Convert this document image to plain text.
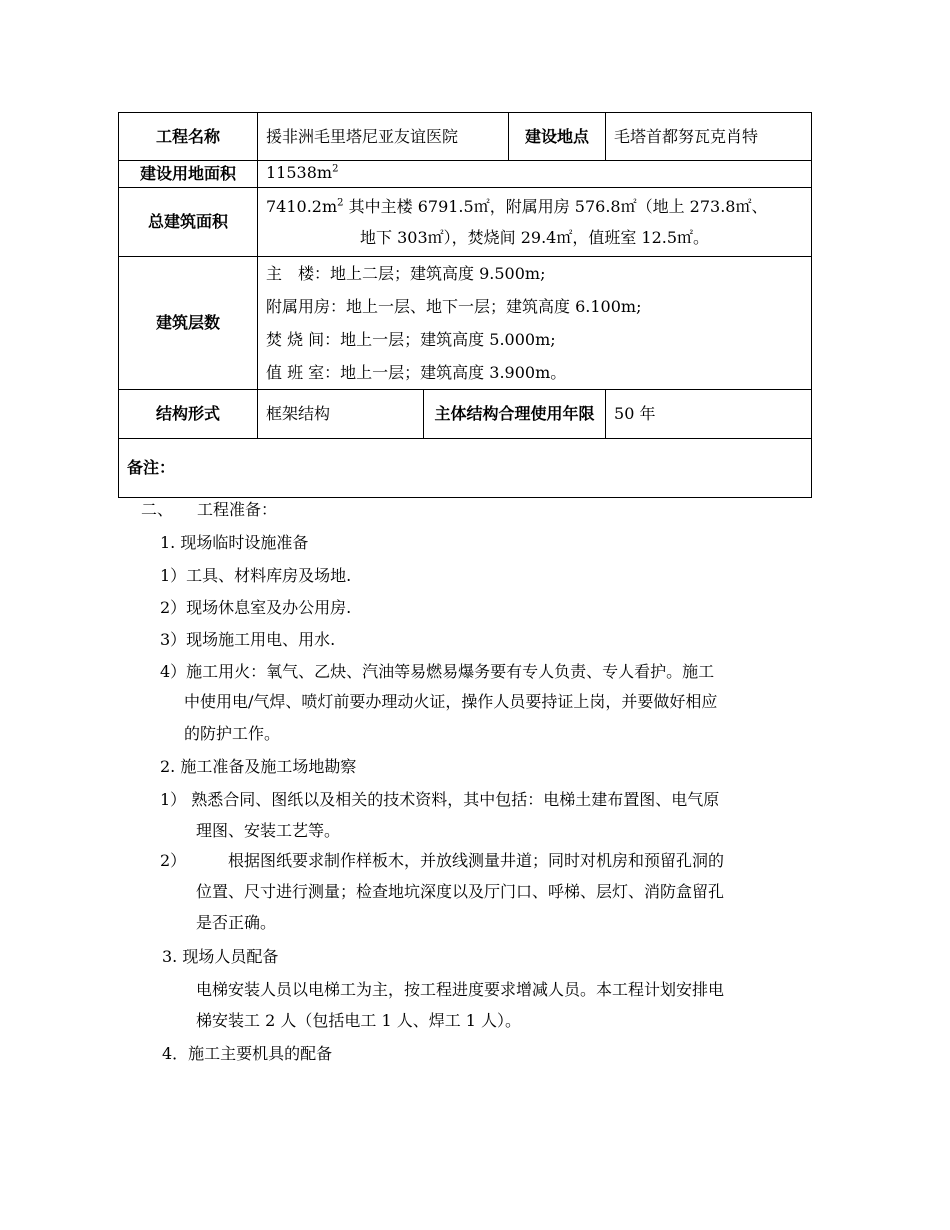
工程名称	援非洲毛里塔尼亚友谊医院		建设地点	毛塔首都努瓦克肖特
建设用地面积	$11538m^2$
总建筑面积	$7410.2m^2$ 其中主楼 6791.5㎡，附属用房 576.8㎡（地上 273.8㎡、
地下 303㎡），焚烧间 29.4㎡，值班室 12.5㎡。			

建筑层数	主　楼：地上二层；建筑高度 9.500m;
附属用房：地上一层、地下一层；建筑高度 6.100m;
焚 烧 间：地上一层；建筑高度 5.000m;
值 班 室：地上一层；建筑高度 3.900m。			

结构形式	框架结构	主体结构合理使用年限		50 年
备注：				
二、 工程准备：
1. 现场临时设施准备
1）工具、材料库房及场地.
2）现场休息室及办公用房.
3）现场施工用电、用水.
4）施工用火：氧气、乙炔、汽油等易燃易爆务要有专人负责、专人看护。施工
中使用电/气焊、喷灯前要办理动火证，操作人员要持证上岗，并要做好相应
的防护工作。
2. 施工准备及施工场地勘察
1） 熟悉合同、图纸以及相关的技术资料，其中包括：电梯土建布置图、电气原
理图、安装工艺等。
2）	根据图纸要求制作样板木，并放线测量井道；同时对机房和预留孔洞的
位置、尺寸进行测量；检查地坑深度以及厅门口、呼梯、层灯、消防盒留孔
是否正确。
3. 现场人员配备
电梯安装人员以电梯工为主，按工程进度要求增减人员。本工程计划安排电
梯安装工 2 人（包括电工 1 人、焊工 1 人）。
4．施工主要机具的配备
